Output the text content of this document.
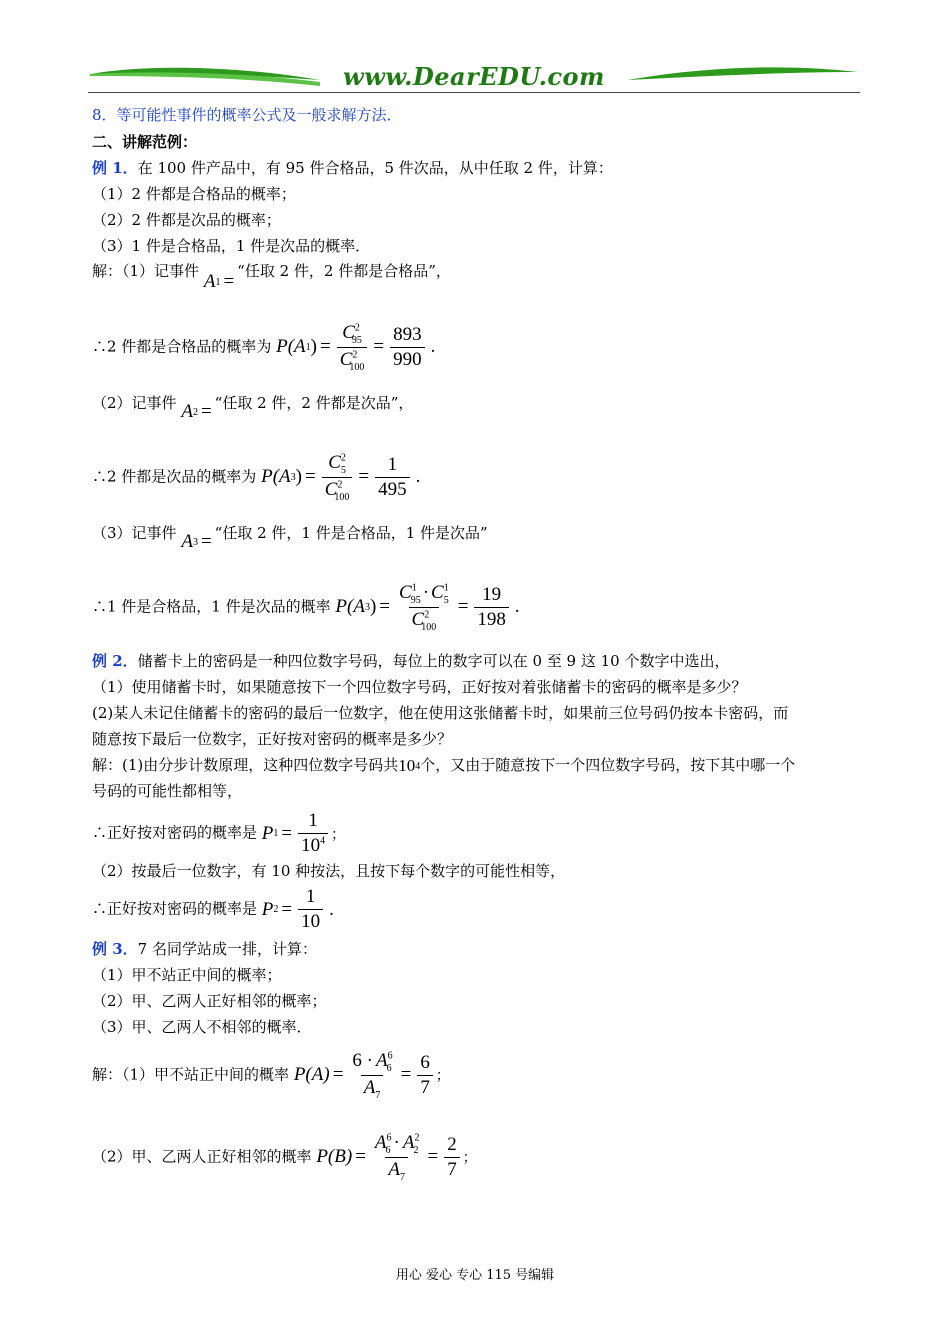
www.DearEDU.com
8．等可能性事件的概率公式及一般求解方法．
二、讲解范例：
例 1．在 100 件产品中，有 95 件合格品，5 件次品，从中任取 2 件，计算：
（1）2 件都是合格品的概率；
（2）2 件都是次品的概率；
（3）1 件是合格品，1 件是次品的概率．
解：（1）记事件 A 1 = “任取 2 件，2 件都是合格品”，
∴2 件都是合格品的概率为 P(A 1 ) = $\frac{C^2_{95}}{C^2_{100}} = \frac{893}{990}$ .
（2）记事件 A 2 = “任取 2 件，2 件都是次品”，
∴2 件都是次品的概率为 P(A 3 ) = $\frac{C^2_5}{C^2_{100}} = \frac{1}{495}$ .
（3）记事件 A 3 = “任取 2 件，1 件是合格品，1 件是次品”
∴1 件是合格品，1 件是次品的概率 P(A 3 ) = $\frac{C^1_{95} \cdot C^1_5}{C^2_{100}} = \frac{19}{198}$ .
例 2．储蓄卡上的密码是一种四位数字号码，每位上的数字可以在 0 至 9 这 10 个数字中选出，
（1）使用储蓄卡时，如果随意按下一个四位数字号码，正好按对着张储蓄卡的密码的概率是多少？
(2)某人未记住储蓄卡的密码的最后一位数字，他在使用这张储蓄卡时，如果前三位号码仍按本卡密码，而
随意按下最后一位数字，正好按对密码的概率是多少？
解：(1)由分步计数原理，这种四位数字号码共 10 4 个，又由于随意按下一个四位数字号码，按下其中哪一个
号码的可能性都相等，
∴正好按对密码的概率是 P $1 = \frac{1}{10^4}$ ；
（2）按最后一位数字，有 10 种按法，且按下每个数字的可能性相等，
∴正好按对密码的概率是 P $2 = \frac{1}{10}$ .
例 3．7 名同学站成一排，计算：
（1）甲不站正中间的概率；
（2）甲、乙两人正好相邻的概率；
（3）甲、乙两人不相邻的概率．
解：（1）甲不站正中间的概率 $P(A) = \frac{6 \cdot A^6_6}{A_7} = \frac{6}{7}$ ；
（2）甲、乙两人正好相邻的概率 $P(B) = \frac{A^6_6 \cdot A^2_2}{A_7} = \frac{2}{7}$ ；
用心 爱心 专心 115 号编辑
